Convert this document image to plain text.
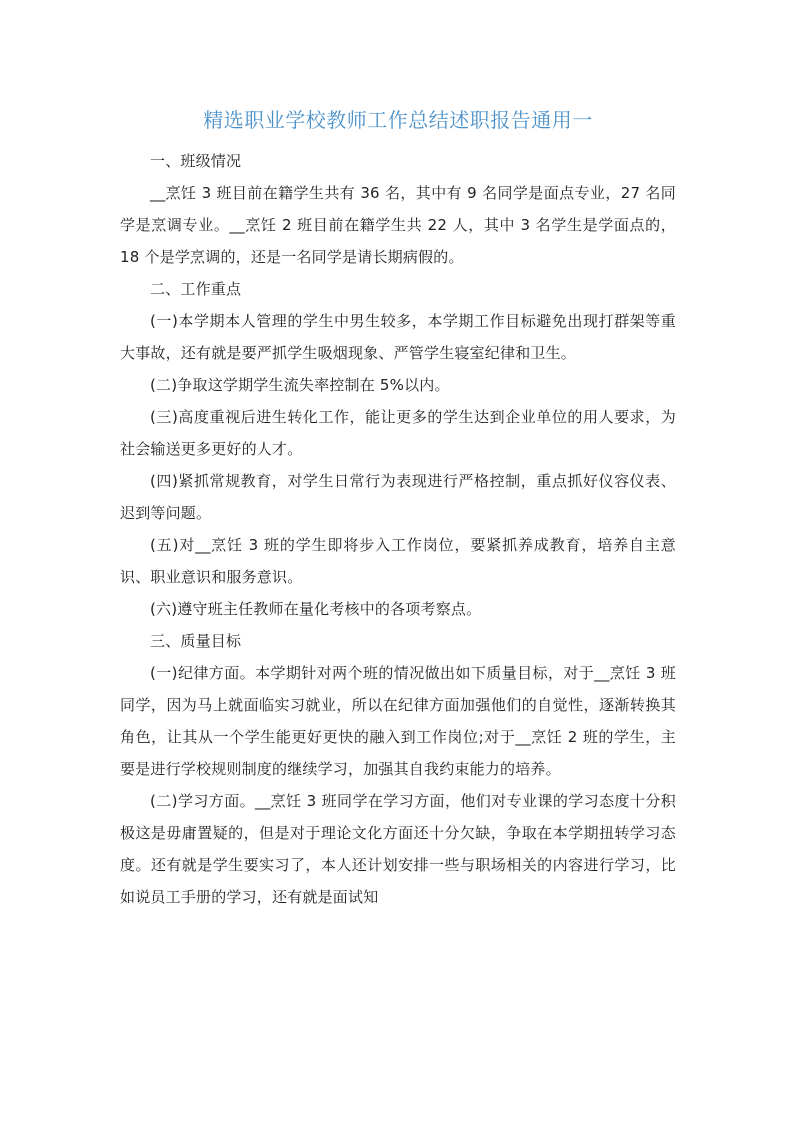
精选职业学校教师工作总结述职报告通用一

一、班级情况

__烹饪 3 班目前在籍学生共有 36 名，其中有 9 名同学是面点专业，27 名同学是烹调专业。__烹饪 2 班目前在籍学生共 22 人，其中 3 名学生是学面点的，18 个是学烹调的，还是一名同学是请长期病假的。

二、工作重点

(一)本学期本人管理的学生中男生较多，本学期工作目标避免出现打群架等重大事故，还有就是要严抓学生吸烟现象、严管学生寝室纪律和卫生。

(二)争取这学期学生流失率控制在 5%以内。

(三)高度重视后进生转化工作，能让更多的学生达到企业单位的用人要求，为社会输送更多更好的人才。

(四)紧抓常规教育，对学生日常行为表现进行严格控制，重点抓好仪容仪表、迟到等问题。

(五)对__烹饪 3 班的学生即将步入工作岗位，要紧抓养成教育，培养自主意识、职业意识和服务意识。

(六)遵守班主任教师在量化考核中的各项考察点。

三、质量目标

(一)纪律方面。本学期针对两个班的情况做出如下质量目标，对于__烹饪 3 班同学，因为马上就面临实习就业，所以在纪律方面加强他们的自觉性，逐渐转换其角色，让其从一个学生能更好更快的融入到工作岗位;对于__烹饪 2 班的学生，主要是进行学校规则制度的继续学习，加强其自我约束能力的培养。

(二)学习方面。__烹饪 3 班同学在学习方面，他们对专业课的学习态度十分积极这是毋庸置疑的，但是对于理论文化方面还十分欠缺，争取在本学期扭转学习态度。还有就是学生要实习了，本人还计划安排一些与职场相关的内容进行学习，比如说员工手册的学习，还有就是面试知
